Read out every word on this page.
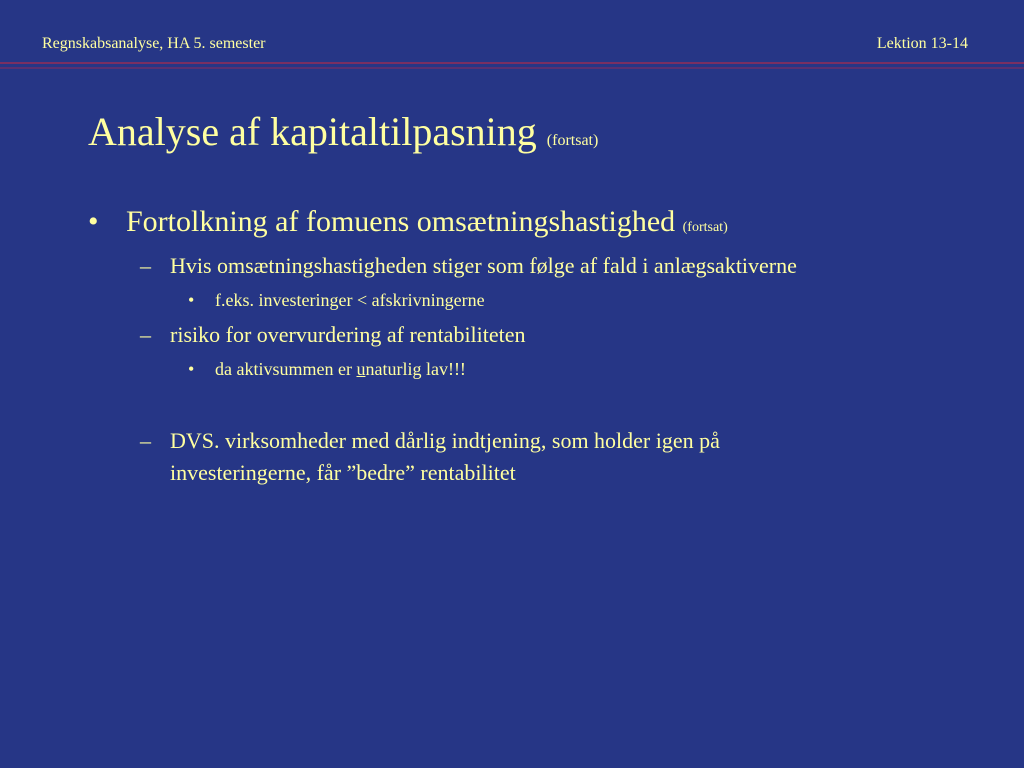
Regnskabsanalyse, HA 5. semester	Lektion 13-14
Analyse af kapitaltilpasning (fortsat)
• Fortolkning af fomuens omsætningshastighed (fortsat)
– Hvis omsætningshastigheden stiger som følge af fald i anlægsaktiverne
• f.eks. investeringer < afskrivningerne
– risiko for overvurdering af rentabiliteten
• da aktivsummen er unaturlig lav!!!
– DVS. virksomheder med dårlig indtjening, som holder igen på
investeringerne, får ”bedre” rentabilitet
